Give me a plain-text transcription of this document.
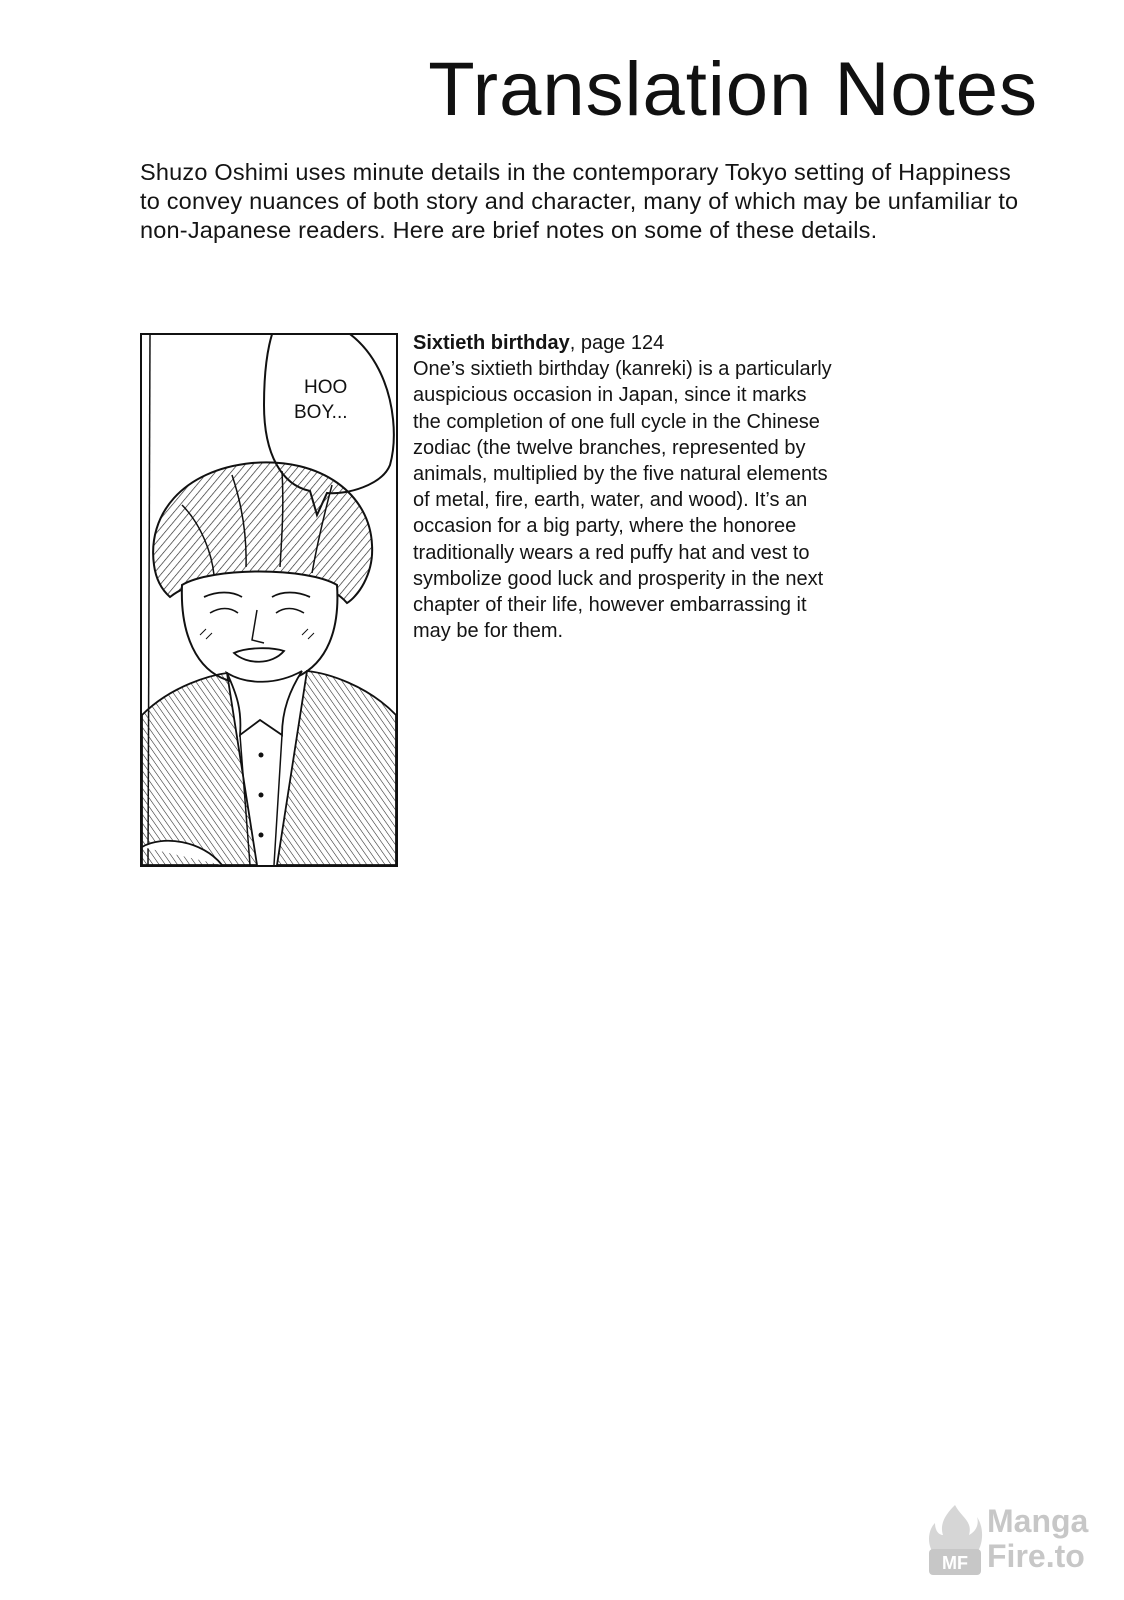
Translation Notes

Shuzo Oshimi uses minute details in the contemporary Tokyo setting of Happiness to convey nuances of both story and character, many of which may be unfamiliar to non-Japanese readers. Here are brief notes on some of these details.

HOO
BOY...

Sixtieth birthday, page 124

One’s sixtieth birthday (kanreki) is a particularly auspicious occasion in Japan, since it marks the completion of one full cycle in the Chinese zodiac (the twelve branches, represented by animals, multiplied by the five natural elements of metal, fire, earth, water, and wood). It’s an occasion for a big party, where the honoree traditionally wears a red puffy hat and vest to symbolize good luck and prosperity in the next chapter of their life, however embarrassing it may be for them.

MF
Manga
Fire.to
